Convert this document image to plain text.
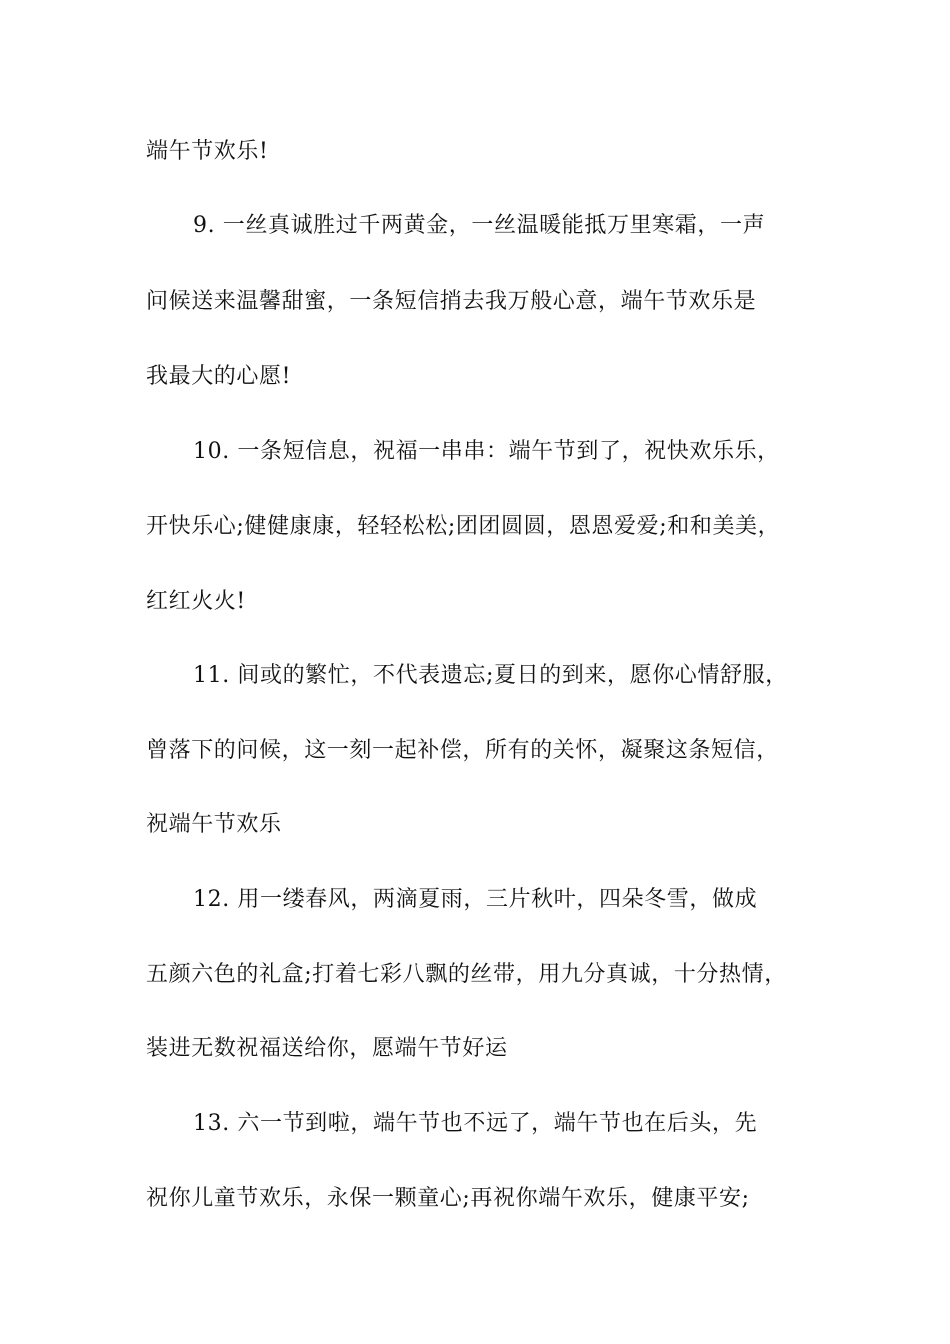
端午节欢乐!
9. 一丝真诚胜过千两黄金，一丝温暖能抵万里寒霜，一声
问候送来温馨甜蜜，一条短信捎去我万般心意，端午节欢乐是
我最大的心愿!
10. 一条短信息，祝福一串串：端午节到了，祝快欢乐乐，
开快乐心;健健康康，轻轻松松;团团圆圆，恩恩爱爱;和和美美，
红红火火!
11. 间或的繁忙，不代表遗忘;夏日的到来，愿你心情舒服，
曾落下的问候，这一刻一起补偿，所有的关怀，凝聚这条短信，
祝端午节欢乐
12. 用一缕春风，两滴夏雨，三片秋叶，四朵冬雪，做成
五颜六色的礼盒;打着七彩八飘的丝带，用九分真诚，十分热情，
装进无数祝福送给你，愿端午节好运
13. 六一节到啦，端午节也不远了，端午节也在后头，先
祝你儿童节欢乐，永保一颗童心;再祝你端午欢乐，健康平安;
